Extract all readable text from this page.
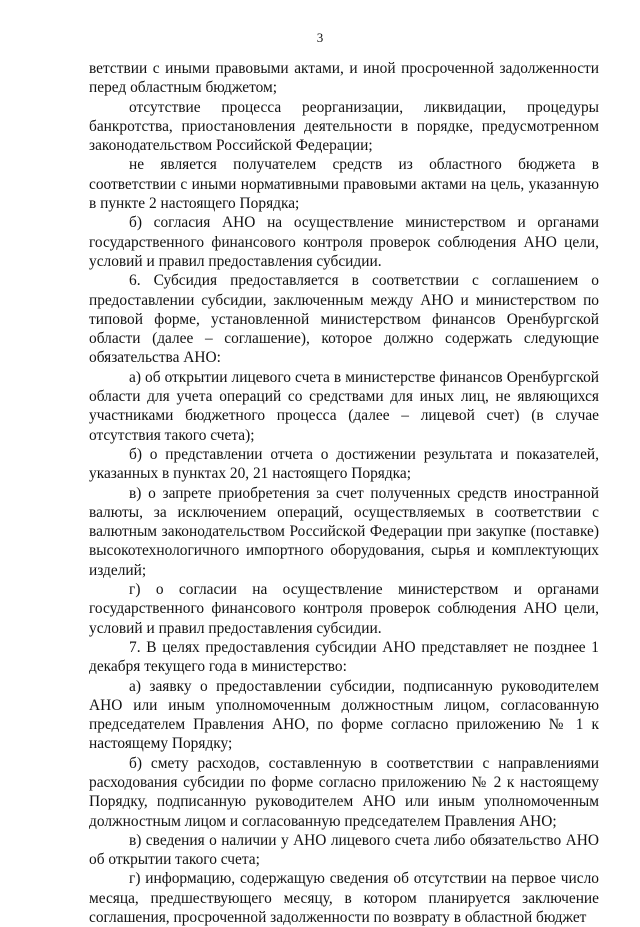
3

ветствии с иными правовыми актами, и иной просроченной задолженности перед областным бюджетом;

отсутствие процесса реорганизации, ликвидации, процедуры банкротства, приостановления деятельности в порядке, предусмотренном законодательством Российской Федерации;

не является получателем средств из областного бюджета в соответствии с иными нормативными правовыми актами на цель, указанную в пункте 2 настоящего Порядка;

б) согласия АНО на осуществление министерством и органами государственного финансового контроля проверок соблюдения АНО цели, условий и правил предоставления субсидии.

6. Субсидия предоставляется в соответствии с соглашением о предоставлении субсидии, заключенным между АНО и министерством по типовой форме, установленной министерством финансов Оренбургской области (далее – соглашение), которое должно содержать следующие обязательства АНО:

а) об открытии лицевого счета в министерстве финансов Оренбургской области для учета операций со средствами для иных лиц, не являющихся участниками бюджетного процесса (далее – лицевой счет) (в случае отсутствия такого счета);

б) о представлении отчета о достижении результата и показателей, указанных в пунктах 20, 21 настоящего Порядка;

в) о запрете приобретения за счет полученных средств иностранной валюты, за исключением операций, осуществляемых в соответствии с валютным законодательством Российской Федерации при закупке (поставке) высокотехнологичного импортного оборудования, сырья и комплектующих изделий;

г) о согласии на осуществление министерством и органами государственного финансового контроля проверок соблюдения АНО цели, условий и правил предоставления субсидии.

7. В целях предоставления субсидии АНО представляет не позднее 1 декабря текущего года в министерство:

а) заявку о предоставлении субсидии, подписанную руководителем АНО или иным уполномоченным должностным лицом, согласованную председателем Правления АНО, по форме согласно приложению № 1 к настоящему Порядку;

б) смету расходов, составленную в соответствии с направлениями расходования субсидии по форме согласно приложению № 2 к настоящему Порядку, подписанную руководителем АНО или иным уполномоченным должностным лицом и согласованную председателем Правления АНО;

в) сведения о наличии у АНО лицевого счета либо обязательство АНО об открытии такого счета;

г) информацию, содержащую сведения об отсутствии на первое число месяца, предшествующего месяцу, в котором планируется заключение соглашения, просроченной задолженности по возврату в областной бюджет
